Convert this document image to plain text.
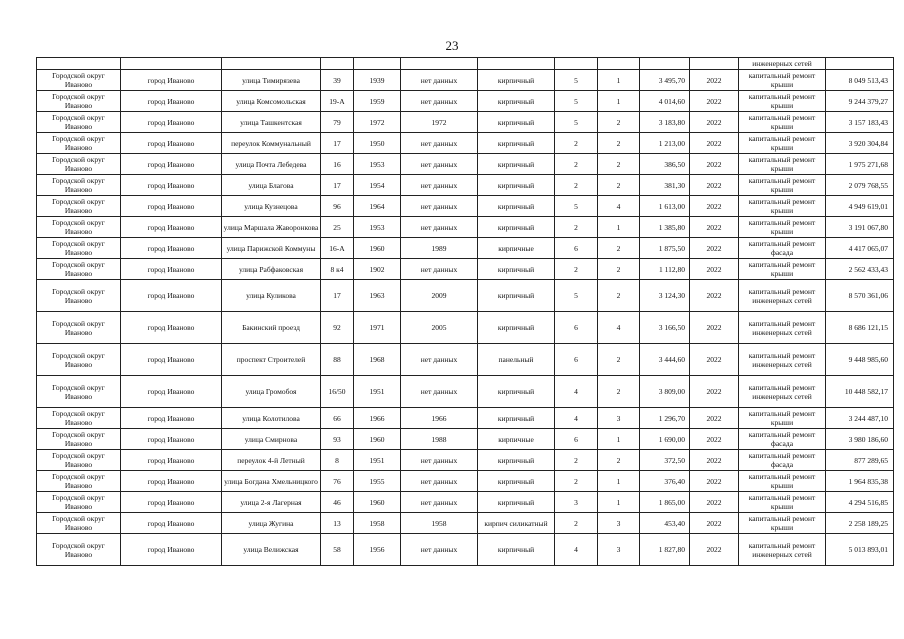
23
											инженерных сетей	
Городской округ Иваново	город Иваново	улица Тимирязева	39	1939	нет данных	кирпичный	5	1	3 495,70	2022	капитальный ремонт крыши	8 049 513,43
Городской округ Иваново	город Иваново	улица Комсомольская	19-А	1959	нет данных	кирпичный	5	1	4 014,60	2022	капитальный ремонт крыши	9 244 379,27
Городской округ Иваново	город Иваново	улица Ташкентская	79	1972	1972	кирпичный	5	2	3 183,80	2022	капитальный ремонт крыши	3 157 183,43
Городской округ Иваново	город Иваново	переулок Коммунальный	17	1950	нет данных	кирпичный	2	2	1 213,00	2022	капитальный ремонт крыши	3 920 304,84
Городской округ Иваново	город Иваново	улица Почта Лебедева	16	1953	нет данных	кирпичный	2	2	386,50	2022	капитальный ремонт крыши	1 975 271,68
Городской округ Иваново	город Иваново	улица Благова	17	1954	нет данных	кирпичный	2	2	381,30	2022	капитальный ремонт крыши	2 079 768,55
Городской округ Иваново	город Иваново	улица Кузнецова	96	1964	нет данных	кирпичный	5	4	1 613,00	2022	капитальный ремонт крыши	4 949 619,01
Городской округ Иваново	город Иваново	улица Маршала Жаворонкова	25	1953	нет данных	кирпичный	2	1	1 385,80	2022	капитальный ремонт крыши	3 191 067,80
Городской округ Иваново	город Иваново	улица Парижской Коммуны	16-А	1960	1989	кирпичные	6	2	1 875,50	2022	капитальный ремонт фасада	4 417 065,07
Городской округ Иваново	город Иваново	улица Рабфаковская	8 к4	1902	нет данных	кирпичный	2	2	1 112,80	2022	капитальный ремонт крыши	2 562 433,43
Городской округ Иваново	город Иваново	улица Куликова	17	1963	2009	кирпичный	5	2	3 124,30	2022	капитальный ремонт инженерных сетей	8 570 361,06
Городской округ Иваново	город Иваново	Бакинский проезд	92	1971	2005	кирпичный	6	4	3 166,50	2022	капитальный ремонт инженерных сетей	8 686 121,15
Городской округ Иваново	город Иваново	проспект Строителей	88	1968	нет данных	панельный	6	2	3 444,60	2022	капитальный ремонт инженерных сетей	9 448 985,60
Городской округ Иваново	город Иваново	улица Громобоя	16/50	1951	нет данных	кирпичный	4	2	3 809,00	2022	капитальный ремонт инженерных сетей	10 448 582,17
Городской округ Иваново	город Иваново	улица Колотилова	66	1966	1966	кирпичный	4	3	1 296,70	2022	капитальный ремонт крыши	3 244 487,10
Городской округ Иваново	город Иваново	улица Смирнова	93	1960	1988	кирпичные	6	1	1 690,00	2022	капитальный ремонт фасада	3 980 186,60
Городской округ Иваново	город Иваново	переулок 4-й Летный	8	1951	нет данных	кирпичный	2	2	372,50	2022	капитальный ремонт фасада	877 289,65
Городской округ Иваново	город Иваново	улица Богдана Хмельницкого	76	1955	нет данных	кирпичный	2	1	376,40	2022	капитальный ремонт крыши	1 964 835,38
Городской округ Иваново	город Иваново	улица 2-я Лагерная	46	1960	нет данных	кирпичный	3	1	1 865,00	2022	капитальный ремонт крыши	4 294 516,85
Городской округ Иваново	город Иваново	улица Жугина	13	1958	1958	кирпич силикатный	2	3	453,40	2022	капитальный ремонт крыши	2 258 189,25
Городской округ Иваново	город Иваново	улица Велижская	58	1956	нет данных	кирпичный	4	3	1 827,80	2022	капитальный ремонт инженерных сетей	5 013 893,01
